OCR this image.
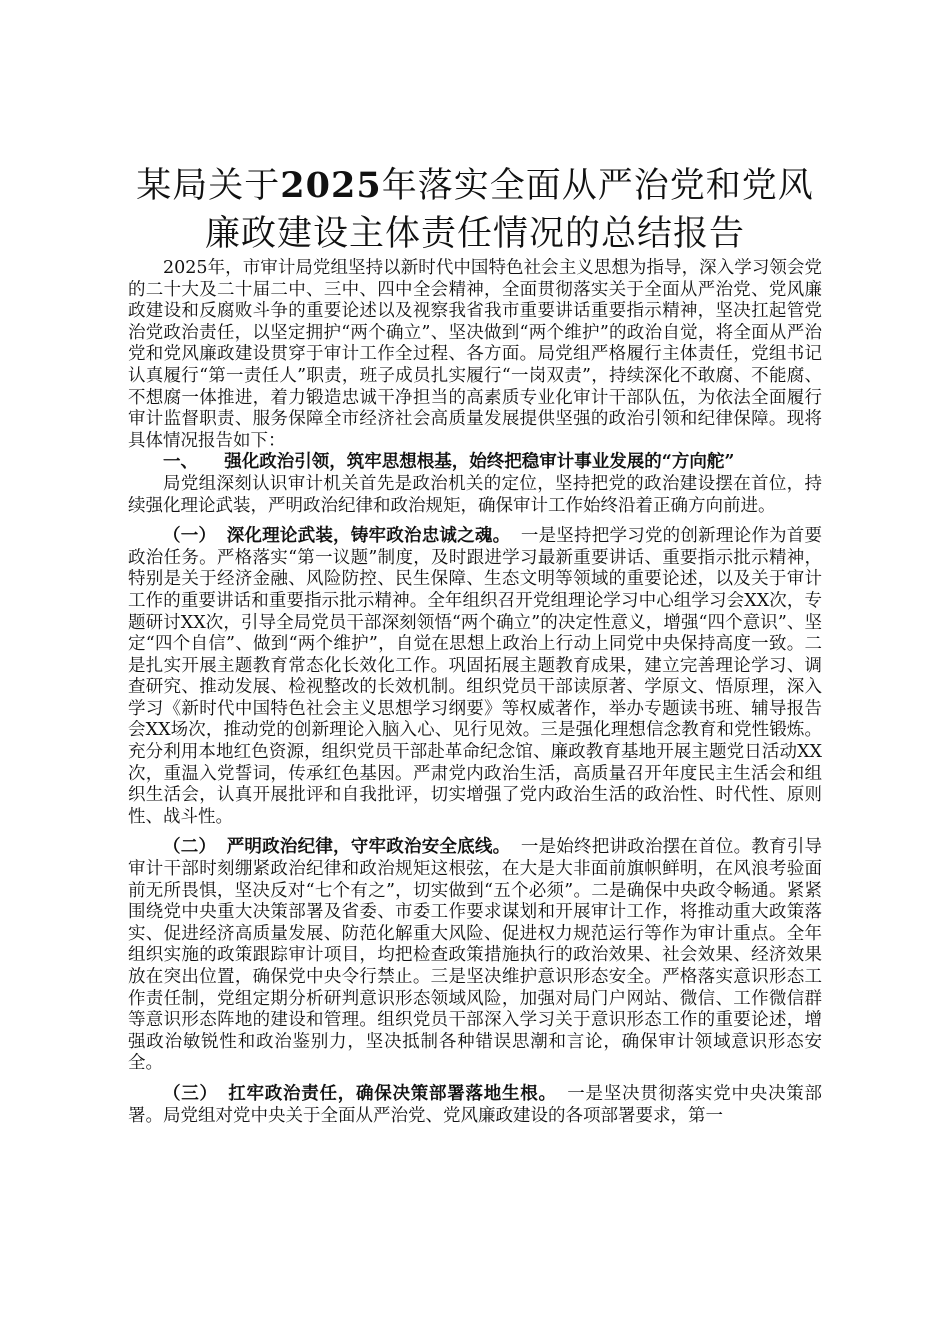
某局关于2025年落实全面从严治党和党风廉政建设主体责任情况的总结报告

2025年，市审计局党组坚持以新时代中国特色社会主义思想为指导，深入学习领会党的二十大及二十届二中、三中、四中全会精神，全面贯彻落实关于全面从严治党、党风廉政建设和反腐败斗争的重要论述以及视察我省我市重要讲话重要指示精神，坚决扛起管党治党政治责任，以坚定拥护“两个确立”、坚决做到“两个维护”的政治自觉，将全面从严治党和党风廉政建设贯穿于审计工作全过程、各方面。局党组严格履行主体责任，党组书记认真履行“第一责任人”职责，班子成员扎实履行“一岗双责”，持续深化不敢腐、不能腐、不想腐一体推进，着力锻造忠诚干净担当的高素质专业化审计干部队伍，为依法全面履行审计监督职责、服务保障全市经济社会高质量发展提供坚强的政治引领和纪律保障。现将具体情况报告如下：

一、 强化政治引领，筑牢思想根基，始终把稳审计事业发展的“方向舵”

局党组深刻认识审计机关首先是政治机关的定位，坚持把党的政治建设摆在首位，持续强化理论武装，严明政治纪律和政治规矩，确保审计工作始终沿着正确方向前进。

（一） 深化理论武装，铸牢政治忠诚之魂。 一是坚持把学习党的创新理论作为首要政治任务。严格落实“第一议题”制度，及时跟进学习最新重要讲话、重要指示批示精神，特别是关于经济金融、风险防控、民生保障、生态文明等领域的重要论述，以及关于审计工作的重要讲话和重要指示批示精神。全年组织召开党组理论学习中心组学习会XX次，专题研讨XX次，引导全局党员干部深刻领悟“两个确立”的决定性意义，增强“四个意识”、坚定“四个自信”、做到“两个维护”，自觉在思想上政治上行动上同党中央保持高度一致。二是扎实开展主题教育常态化长效化工作。巩固拓展主题教育成果，建立完善理论学习、调查研究、推动发展、检视整改的长效机制。组织党员干部读原著、学原文、悟原理，深入学习《新时代中国特色社会主义思想学习纲要》等权威著作，举办专题读书班、辅导报告会XX场次，推动党的创新理论入脑入心、见行见效。三是强化理想信念教育和党性锻炼。充分利用本地红色资源，组织党员干部赴革命纪念馆、廉政教育基地开展主题党日活动XX次，重温入党誓词，传承红色基因。严肃党内政治生活，高质量召开年度民主生活会和组织生活会，认真开展批评和自我批评，切实增强了党内政治生活的政治性、时代性、原则性、战斗性。

（二） 严明政治纪律，守牢政治安全底线。 一是始终把讲政治摆在首位。教育引导审计干部时刻绷紧政治纪律和政治规矩这根弦，在大是大非面前旗帜鲜明，在风浪考验面前无所畏惧，坚决反对“七个有之”，切实做到“五个必须”。二是确保中央政令畅通。紧紧围绕党中央重大决策部署及省委、市委工作要求谋划和开展审计工作，将推动重大政策落实、促进经济高质量发展、防范化解重大风险、促进权力规范运行等作为审计重点。全年组织实施的政策跟踪审计项目，均把检查政策措施执行的政治效果、社会效果、经济效果放在突出位置，确保党中央令行禁止。三是坚决维护意识形态安全。严格落实意识形态工作责任制，党组定期分析研判意识形态领域风险，加强对局门户网站、微信、工作微信群等意识形态阵地的建设和管理。组织党员干部深入学习关于意识形态工作的重要论述，增强政治敏锐性和政治鉴别力，坚决抵制各种错误思潮和言论，确保审计领域意识形态安全。

（三） 扛牢政治责任，确保决策部署落地生根。 一是坚决贯彻落实党中央决策部署。局党组对党中央关于全面从严治党、党风廉政建设的各项部署要求，第一
